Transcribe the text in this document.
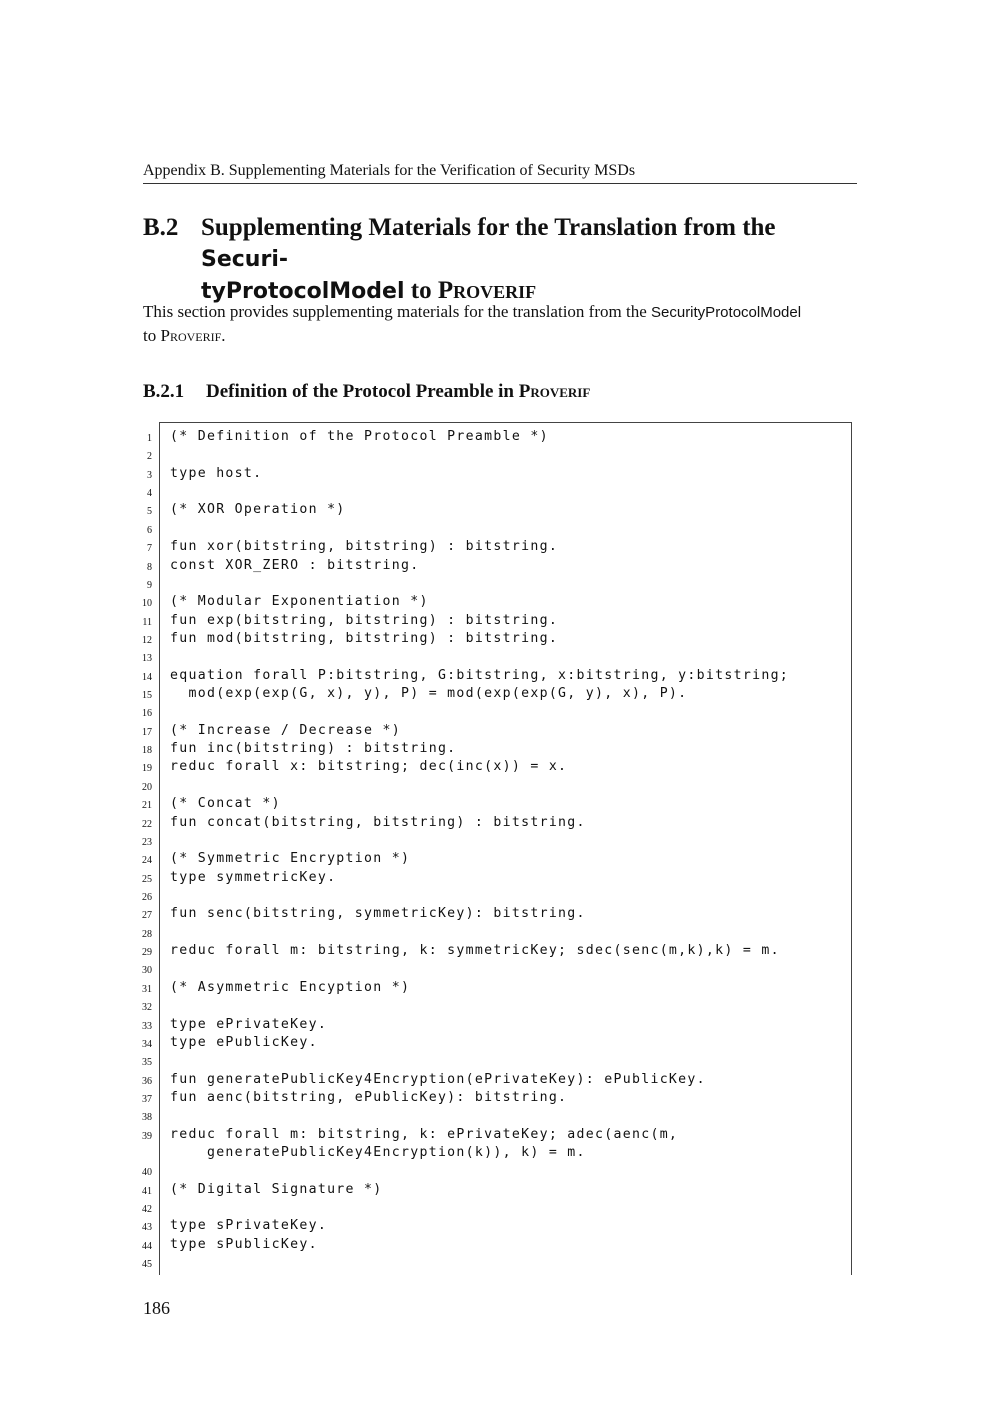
Appendix B. Supplementing Materials for the Verification of Security MSDs
B.2 Supplementing Materials for the Translation from the Securi-
tyProtocolModel to Proverif
This section provides supplementing materials for the translation from the SecurityProtocolModel
to Proverif.
B.2.1 Definition of the Protocol Preamble in Proverif
1 (* Definition of the Protocol Preamble *)
2
3 type host.
4
5 (* XOR Operation *)
6
7 fun xor(bitstring, bitstring) : bitstring.
8 const XOR_ZERO : bitstring.
9
10 (* Modular Exponentiation *)
11 fun exp(bitstring, bitstring) : bitstring.
12 fun mod(bitstring, bitstring) : bitstring.
13
14 equation forall P:bitstring, G:bitstring, x:bitstring, y:bitstring;
15 mod(exp(exp(G, x), y), P) = mod(exp(exp(G, y), x), P).
16
17 (* Increase / Decrease *)
18 fun inc(bitstring) : bitstring.
19 reduc forall x: bitstring; dec(inc(x)) = x.
20
21 (* Concat *)
22 fun concat(bitstring, bitstring) : bitstring.
23
24 (* Symmetric Encryption *)
25 type symmetricKey.
26
27 fun senc(bitstring, symmetricKey): bitstring.
28
29 reduc forall m: bitstring, k: symmetricKey; sdec(senc(m,k),k) = m.
30
31 (* Asymmetric Encyption *)
32
33 type ePrivateKey.
34 type ePublicKey.
35
36 fun generatePublicKey4Encryption(ePrivateKey): ePublicKey.
37 fun aenc(bitstring, ePublicKey): bitstring.
38
39 reduc forall m: bitstring, k: ePrivateKey; adec(aenc(m,
generatePublicKey4Encryption(k)), k) = m.
40
41 (* Digital Signature *)
42
43 type sPrivateKey.
44 type sPublicKey.
45
186
